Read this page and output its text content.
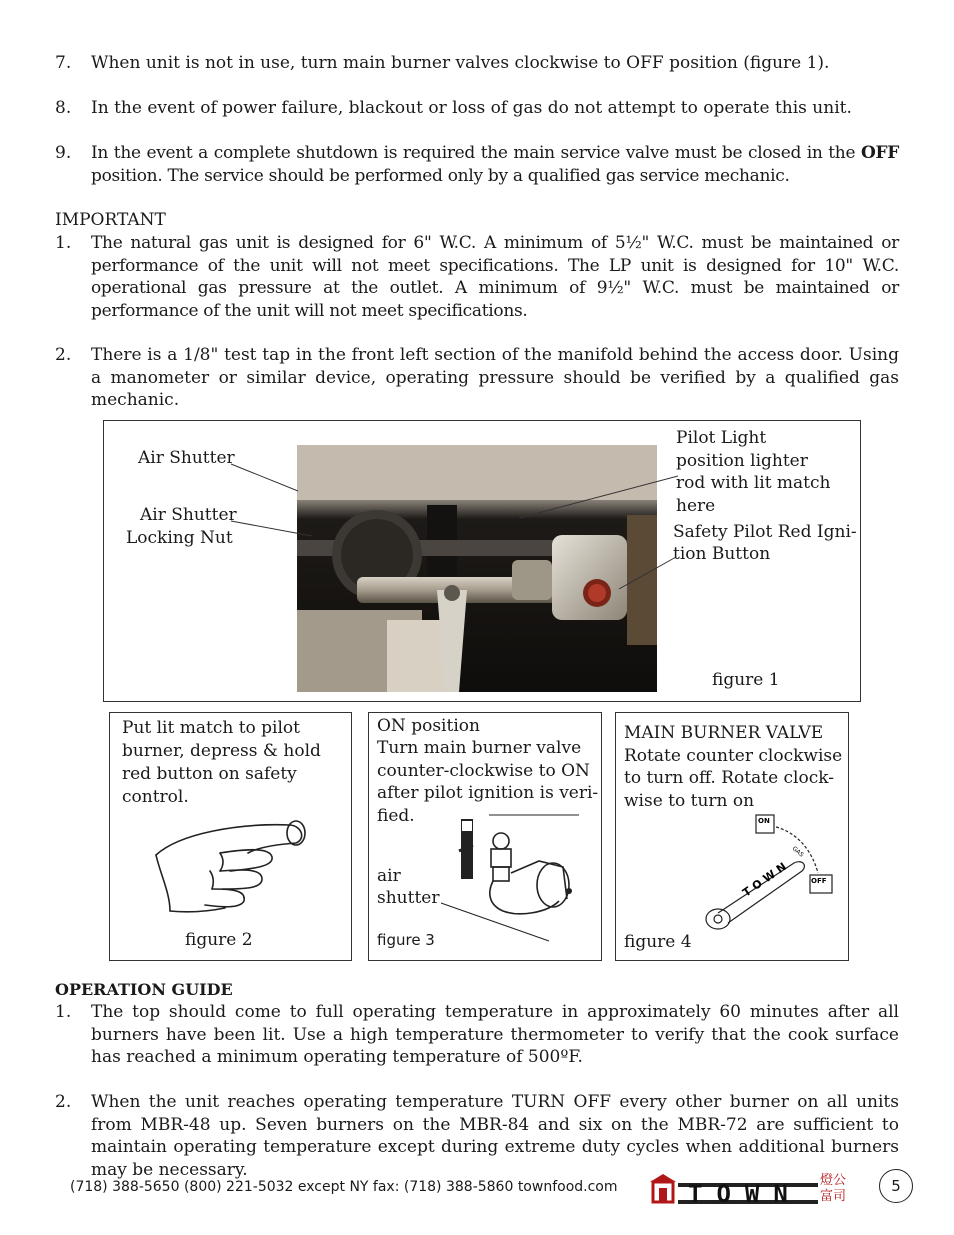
7. When unit is not in use, turn main burner valves clockwise to OFF position (figure 1).
8. In the event of power failure, blackout or loss of gas do not attempt to operate this unit.
9. In the event a complete shutdown is required the main service valve must be closed in the OFF position. The service should be performed only by a qualified gas service mechanic.
IMPORTANT
1. The natural gas unit is designed for 6" W.C. A minimum of 5½" W.C. must be maintained or performance of the unit will not meet specifications. The LP unit is designed for 10" W.C. operational gas pressure at the outlet. A minimum of 9½" W.C. must be maintained or performance of the unit will not meet specifications.
2. There is a 1/8" test tap in the front left section of the manifold behind the access door. Using a manometer or similar device, operating pressure should be verified by a qualified gas mechanic.
Air Shutter
Air Shutter
Locking Nut
Pilot Light
position lighter
rod with lit match here
Safety Pilot Red Igni-
tion Button
figure 1
Put lit match to pilot
burner, depress & hold
red button on safety
control.
figure 2
ON position
Turn main burner valve
counter-clockwise to ON
after pilot ignition is veri-
fied.
air
shutter
figure 3
MAIN BURNER VALVE
Rotate counter clockwise
to turn off. Rotate clock-
wise to turn on
ON
OFF
GAS
TOWN
figure 4
OPERATION GUIDE
1. The top should come to full operating temperature in approximately 60 minutes after all burners have been lit. Use a high temperature thermometer to verify that the cook surface has reached a minimum operating temperature of 500ºF.
2. When the unit reaches operating temperature TURN OFF every other burner on all units from MBR-48 up. Seven burners on the MBR-84 and six on the MBR-72 are sufficient to maintain operating temperature except during extreme duty cycles when additional burners may be necessary.
(718) 388-5650 (800) 221-5032 except NY fax: (718) 388-5860 townfood.com	TOWN 燈公 富司
5
